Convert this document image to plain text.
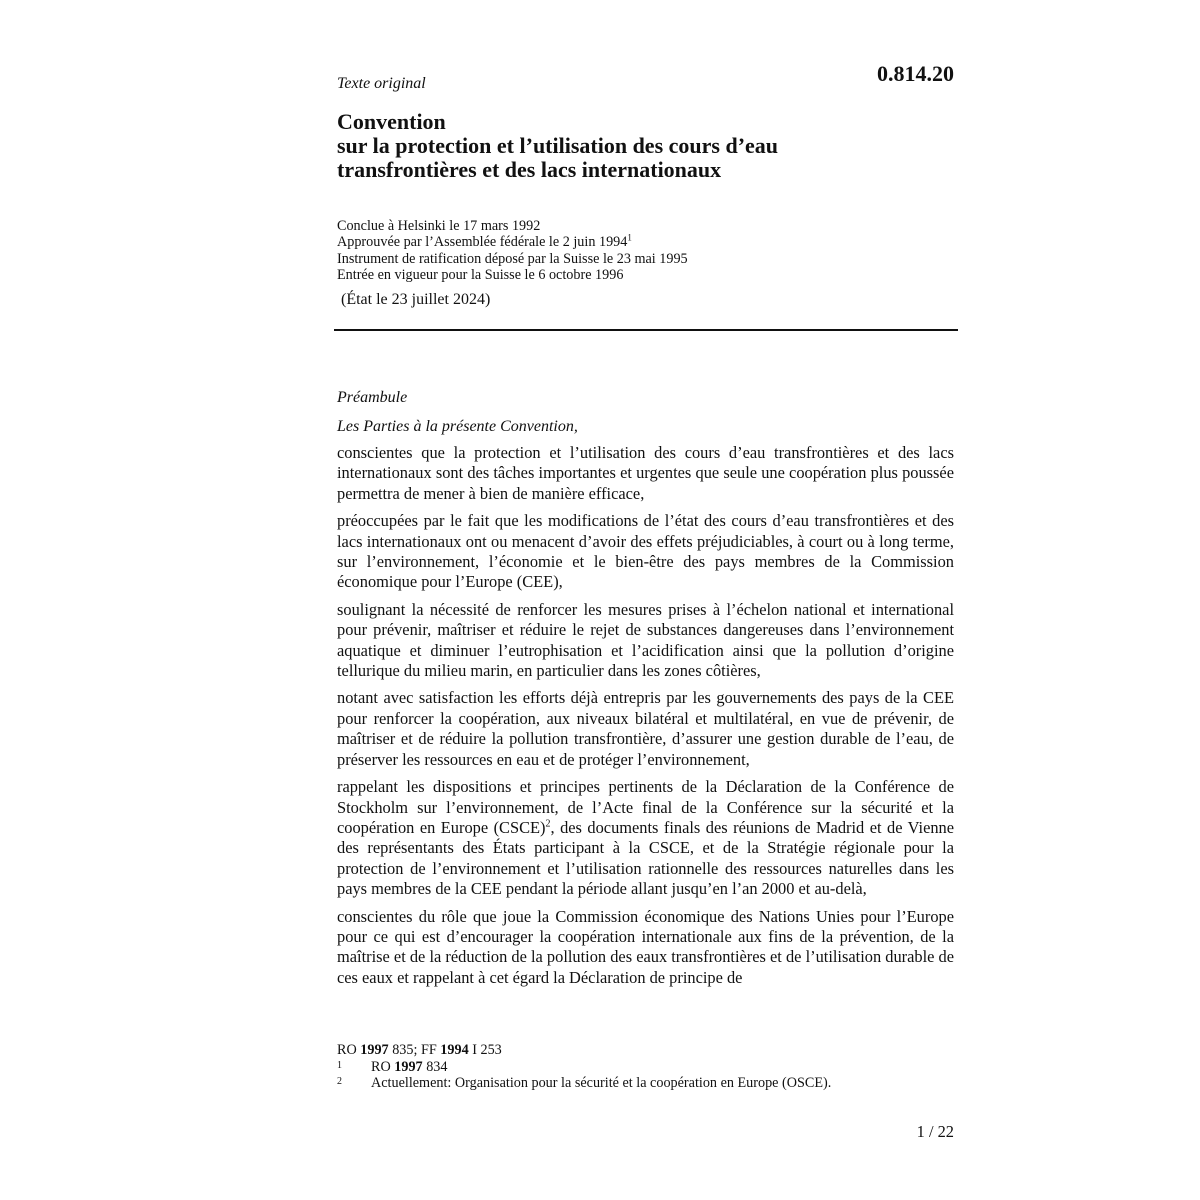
Texte original	0.814.20
Convention
sur la protection et l’utilisation des cours d’eau
transfrontières et des lacs internationaux
Conclue à Helsinki le 17 mars 1992
Approuvée par l’Assemblée fédérale le 2 juin 1994$^1$
Instrument de ratification déposé par la Suisse le 23 mai 1995
Entrée en vigueur pour la Suisse le 6 octobre 1996
(État le 23 juillet 2024)
Préambule
Les Parties à la présente Convention,

conscientes que la protection et l’utilisation des cours d’eau transfrontières et des lacs internationaux sont des tâches importantes et urgentes que seule une coopération plus poussée permettra de mener à bien de manière efficace,

préoccupées par le fait que les modifications de l’état des cours d’eau transfrontières et des lacs internationaux ont ou menacent d’avoir des effets préjudiciables, à court ou à long terme, sur l’environnement, l’économie et le bien-être des pays membres de la Commission économique pour l’Europe (CEE),

soulignant la nécessité de renforcer les mesures prises à l’échelon national et international pour prévenir, maîtriser et réduire le rejet de substances dangereuses dans l’environnement aquatique et diminuer l’eutrophisation et l’acidification ainsi que la pollution d’origine tellurique du milieu marin, en particulier dans les zones côtières,

notant avec satisfaction les efforts déjà entrepris par les gouvernements des pays de la CEE pour renforcer la coopération, aux niveaux bilatéral et multilatéral, en vue de prévenir, de maîtriser et de réduire la pollution transfrontière, d’assurer une gestion durable de l’eau, de préserver les ressources en eau et de protéger l’environnement,

rappelant les dispositions et principes pertinents de la Déclaration de la Conférence de Stockholm sur l’environnement, de l’Acte final de la Conférence sur la sécurité et la coopération en Europe (CSCE)$^2$, des documents finals des réunions de Madrid et de Vienne des représentants des États participant à la CSCE, et de la Stratégie régionale pour la protection de l’environnement et l’utilisation rationnelle des ressources naturelles dans les pays membres de la CEE pendant la période allant jusqu’en l’an 2000 et au-delà,

conscientes du rôle que joue la Commission économique des Nations Unies pour l’Europe pour ce qui est d’encourager la coopération internationale aux fins de la prévention, de la maîtrise et de la réduction de la pollution des eaux transfrontières et de l’utilisation durable de ces eaux et rappelant à cet égard la Déclaration de principe de

RO 1997 835; FF 1994 I 253
1	RO 1997 834
2	Actuellement: Organisation pour la sécurité et la coopération en Europe (OSCE).
1 / 22
